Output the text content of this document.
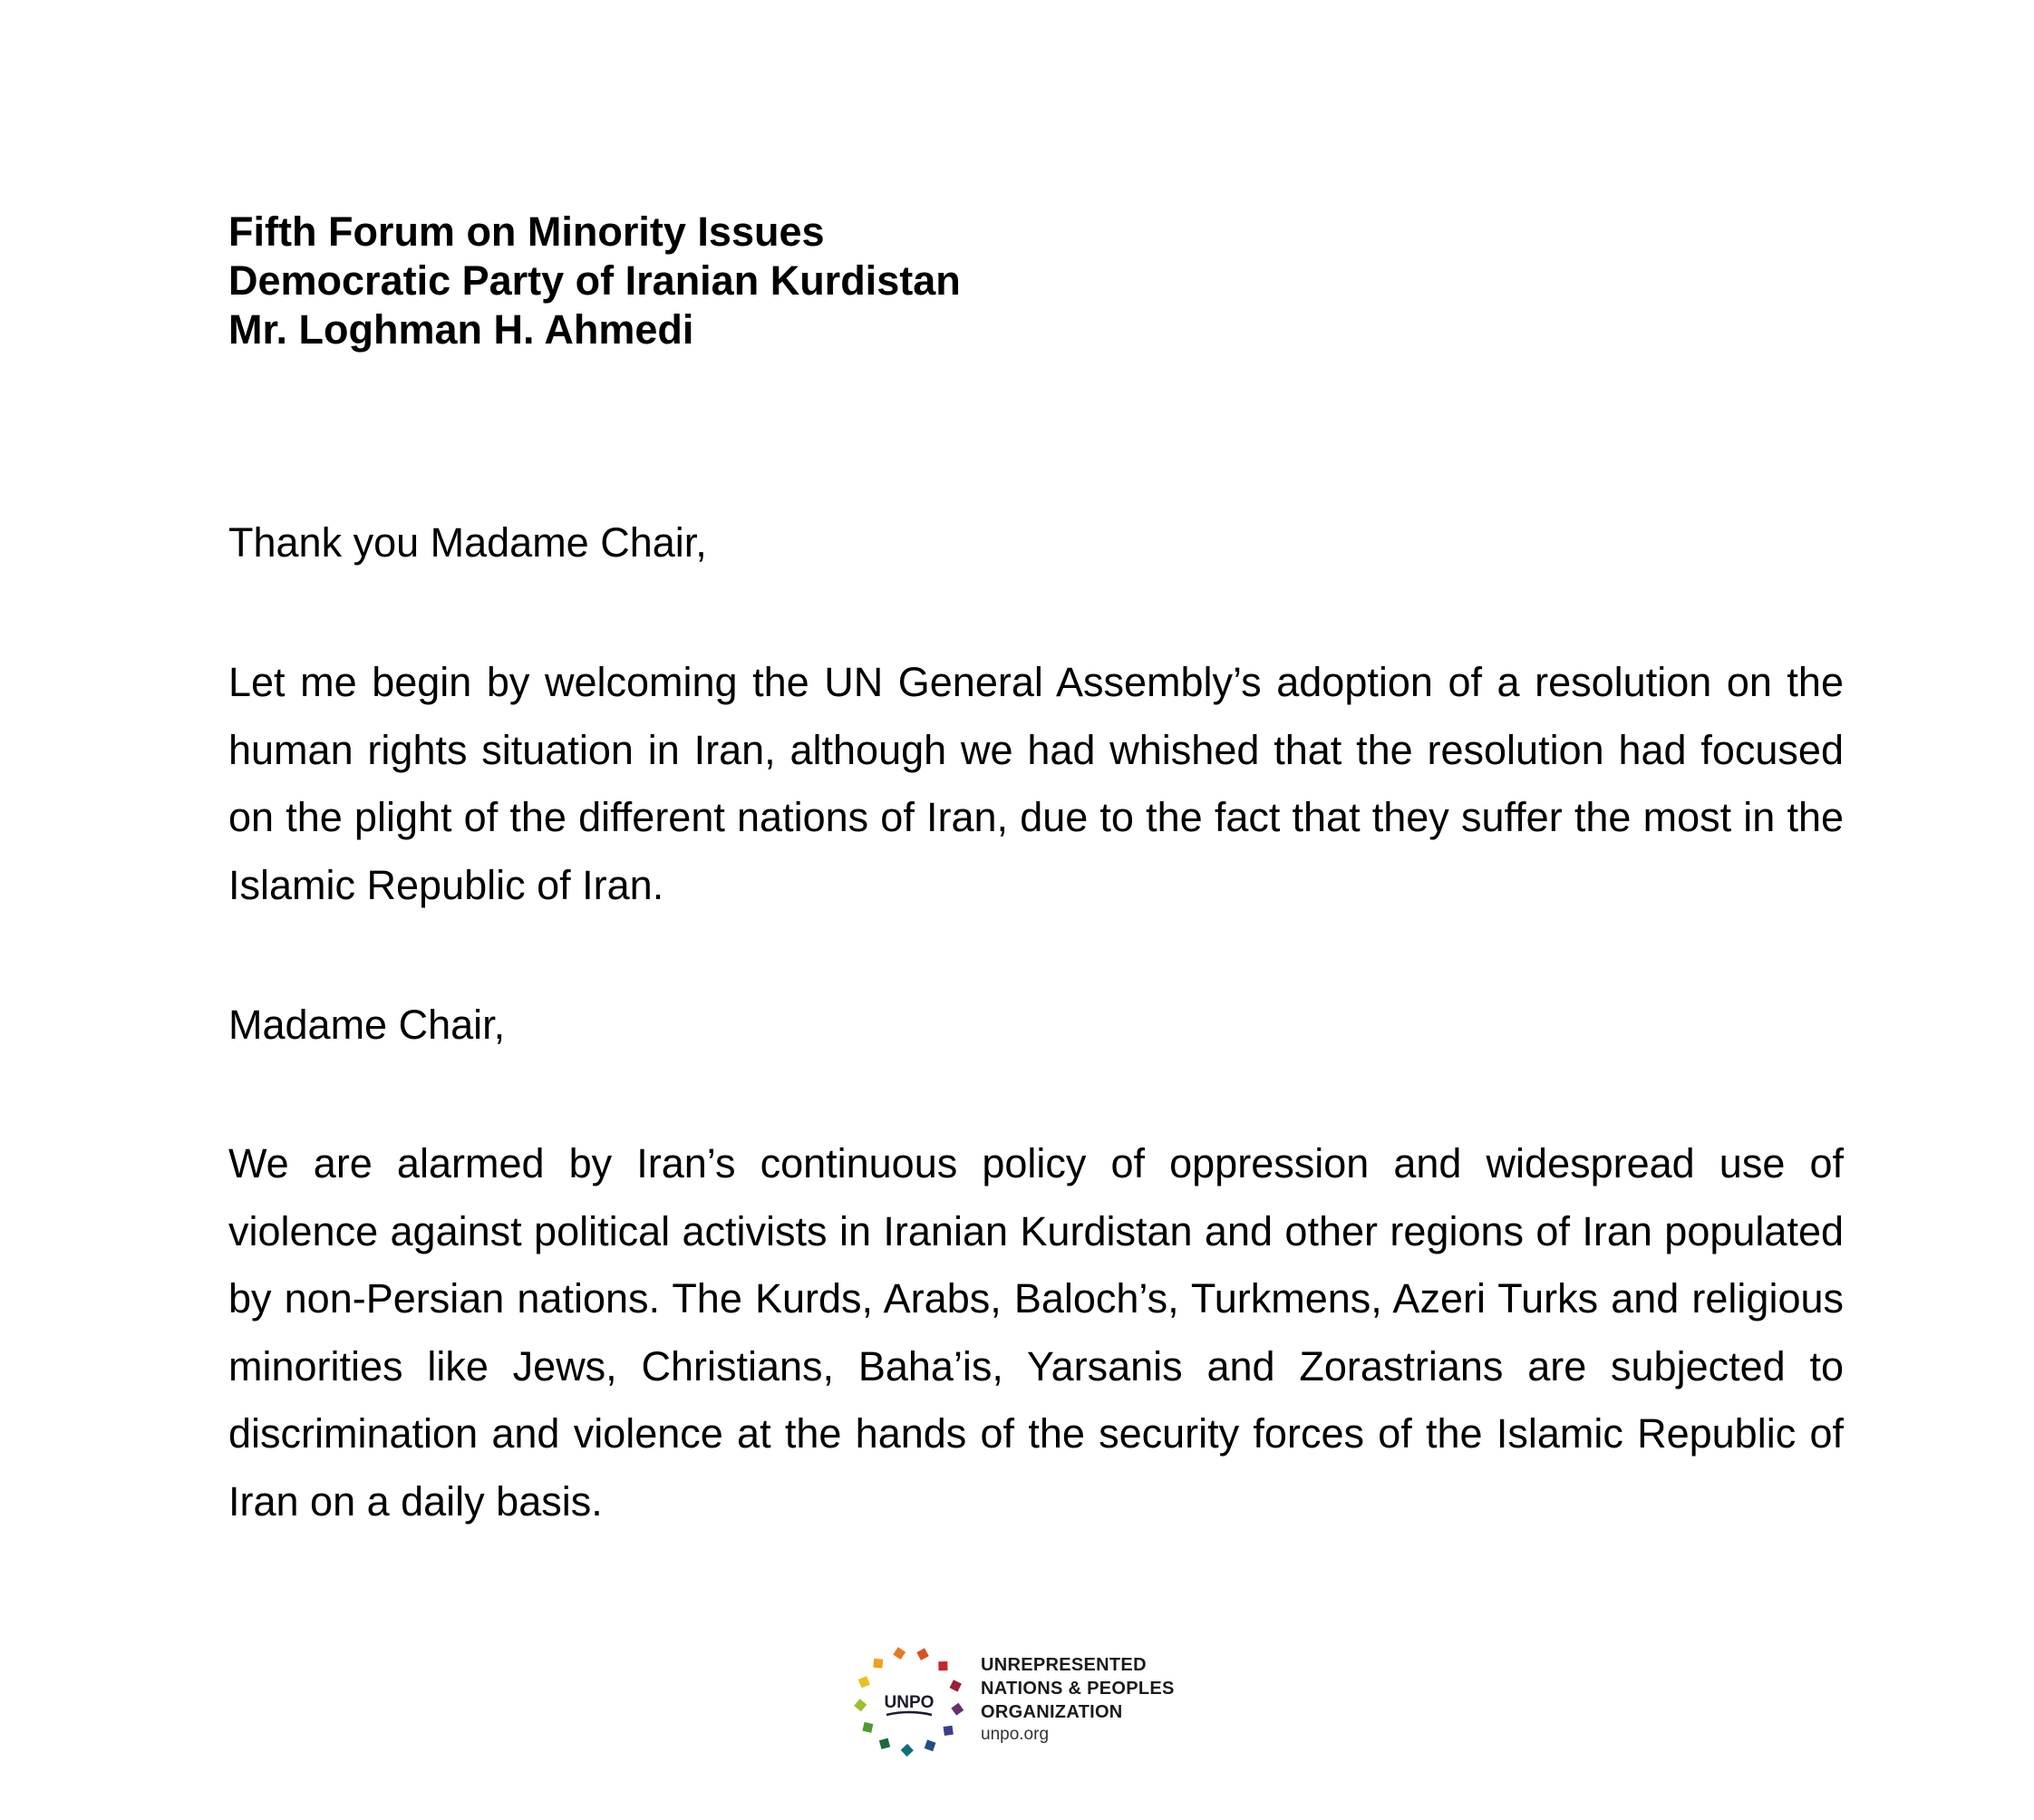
Fifth Forum on Minority Issues
Democratic Party of Iranian Kurdistan
Mr. Loghman H. Ahmedi

Thank you Madame Chair,

Let me begin by welcoming the UN General Assembly’s adoption of a resolution on the human rights situation in Iran, although we had whished that the resolution had focused on the plight of the different nations of Iran, due to the fact that they suffer the most in the Islamic Republic of Iran.

Madame Chair,

We are alarmed by Iran’s continuous policy of oppression and widespread use of violence against political activists in Iranian Kurdistan and other regions of Iran populated by non-Persian nations. The Kurds, Arabs, Baloch’s, Turkmens, Azeri Turks and religious minorities like Jews, Christians, Baha’is, Yarsanis and Zorastrians are subjected to discrimination and violence at the hands of the security forces of the Islamic Republic of Iran on a daily basis.

UNPO
UNREPRESENTED
NATIONS & PEOPLES
ORGANIZATION
unpo.org
